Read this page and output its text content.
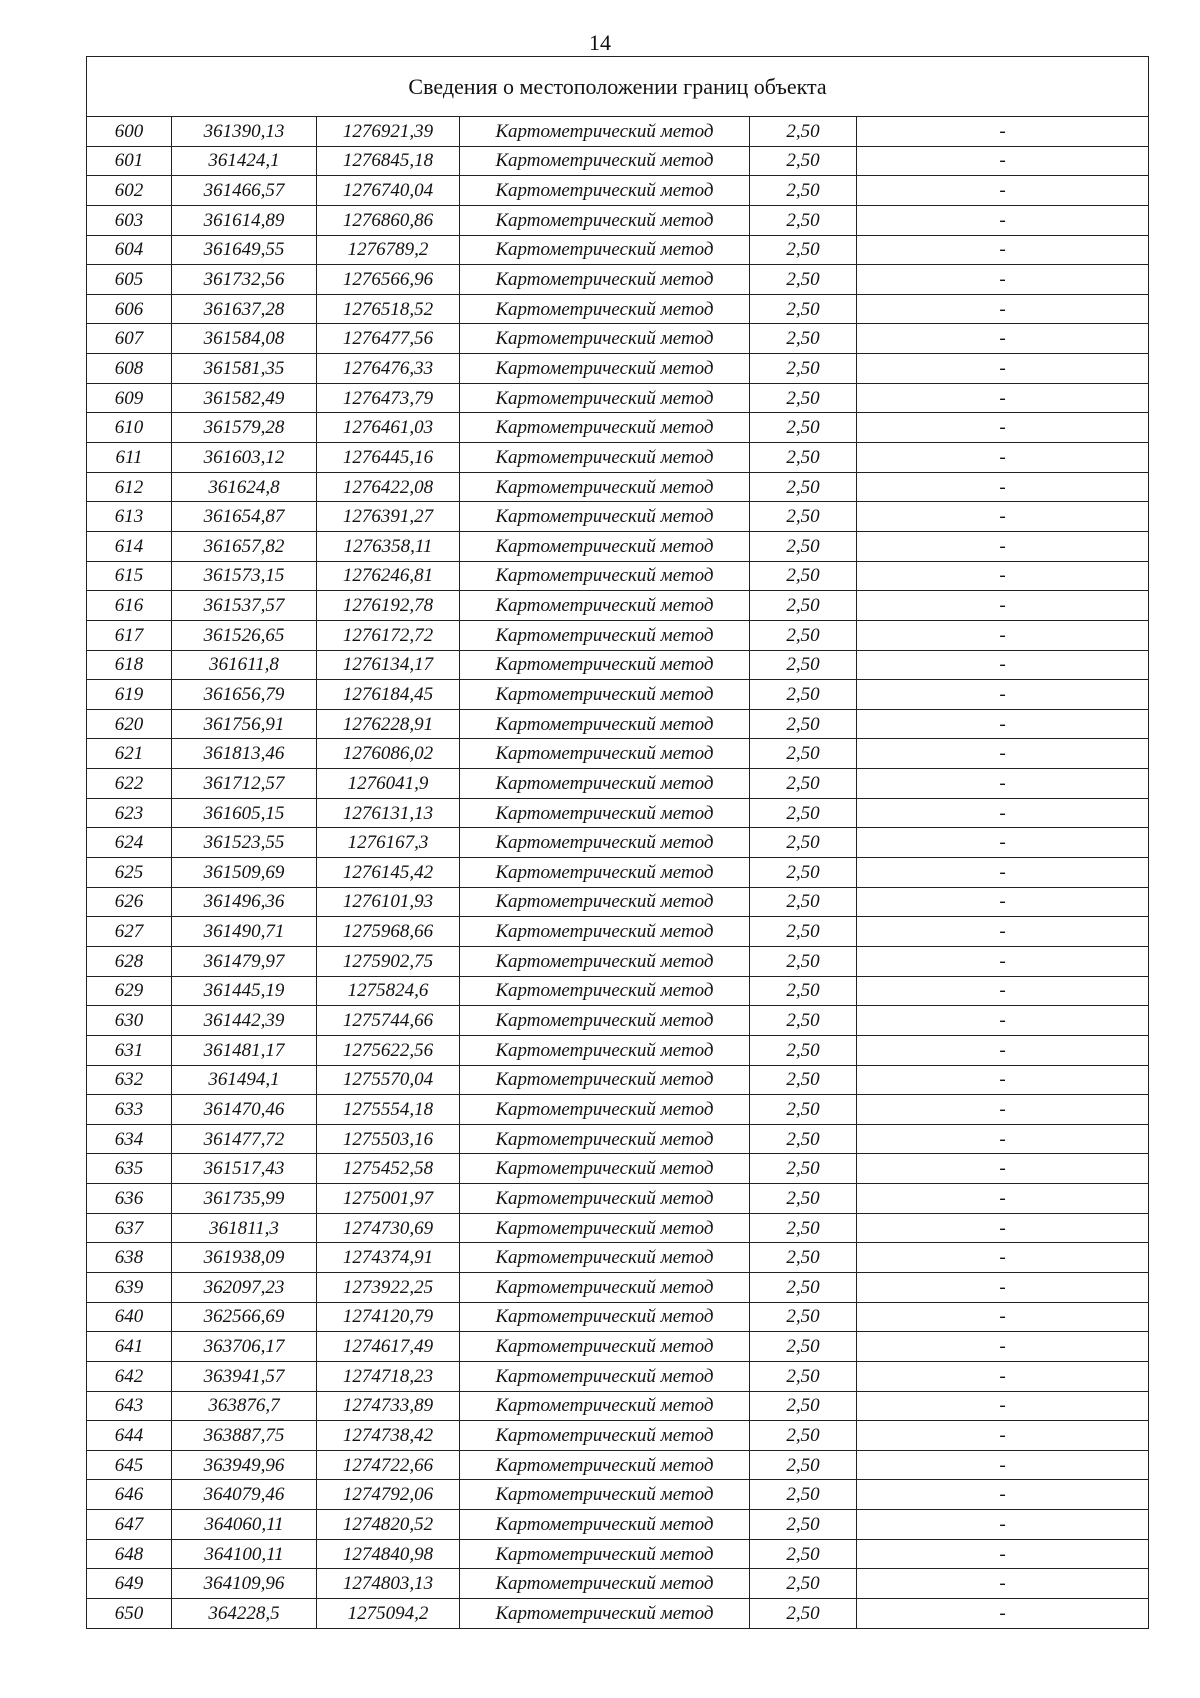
14
Сведения о местоположении границ объекта					
600	361390,13	1276921,39	Картометрический метод	2,50	-
601	361424,1	1276845,18	Картометрический метод	2,50	-
602	361466,57	1276740,04	Картометрический метод	2,50	-
603	361614,89	1276860,86	Картометрический метод	2,50	-
604	361649,55	1276789,2	Картометрический метод	2,50	-
605	361732,56	1276566,96	Картометрический метод	2,50	-
606	361637,28	1276518,52	Картометрический метод	2,50	-
607	361584,08	1276477,56	Картометрический метод	2,50	-
608	361581,35	1276476,33	Картометрический метод	2,50	-
609	361582,49	1276473,79	Картометрический метод	2,50	-
610	361579,28	1276461,03	Картометрический метод	2,50	-
611	361603,12	1276445,16	Картометрический метод	2,50	-
612	361624,8	1276422,08	Картометрический метод	2,50	-
613	361654,87	1276391,27	Картометрический метод	2,50	-
614	361657,82	1276358,11	Картометрический метод	2,50	-
615	361573,15	1276246,81	Картометрический метод	2,50	-
616	361537,57	1276192,78	Картометрический метод	2,50	-
617	361526,65	1276172,72	Картометрический метод	2,50	-
618	361611,8	1276134,17	Картометрический метод	2,50	-
619	361656,79	1276184,45	Картометрический метод	2,50	-
620	361756,91	1276228,91	Картометрический метод	2,50	-
621	361813,46	1276086,02	Картометрический метод	2,50	-
622	361712,57	1276041,9	Картометрический метод	2,50	-
623	361605,15	1276131,13	Картометрический метод	2,50	-
624	361523,55	1276167,3	Картометрический метод	2,50	-
625	361509,69	1276145,42	Картометрический метод	2,50	-
626	361496,36	1276101,93	Картометрический метод	2,50	-
627	361490,71	1275968,66	Картометрический метод	2,50	-
628	361479,97	1275902,75	Картометрический метод	2,50	-
629	361445,19	1275824,6	Картометрический метод	2,50	-
630	361442,39	1275744,66	Картометрический метод	2,50	-
631	361481,17	1275622,56	Картометрический метод	2,50	-
632	361494,1	1275570,04	Картометрический метод	2,50	-
633	361470,46	1275554,18	Картометрический метод	2,50	-
634	361477,72	1275503,16	Картометрический метод	2,50	-
635	361517,43	1275452,58	Картометрический метод	2,50	-
636	361735,99	1275001,97	Картометрический метод	2,50	-
637	361811,3	1274730,69	Картометрический метод	2,50	-
638	361938,09	1274374,91	Картометрический метод	2,50	-
639	362097,23	1273922,25	Картометрический метод	2,50	-
640	362566,69	1274120,79	Картометрический метод	2,50	-
641	363706,17	1274617,49	Картометрический метод	2,50	-
642	363941,57	1274718,23	Картометрический метод	2,50	-
643	363876,7	1274733,89	Картометрический метод	2,50	-
644	363887,75	1274738,42	Картометрический метод	2,50	-
645	363949,96	1274722,66	Картометрический метод	2,50	-
646	364079,46	1274792,06	Картометрический метод	2,50	-
647	364060,11	1274820,52	Картометрический метод	2,50	-
648	364100,11	1274840,98	Картометрический метод	2,50	-
649	364109,96	1274803,13	Картометрический метод	2,50	-
650	364228,5	1275094,2	Картометрический метод	2,50	-
